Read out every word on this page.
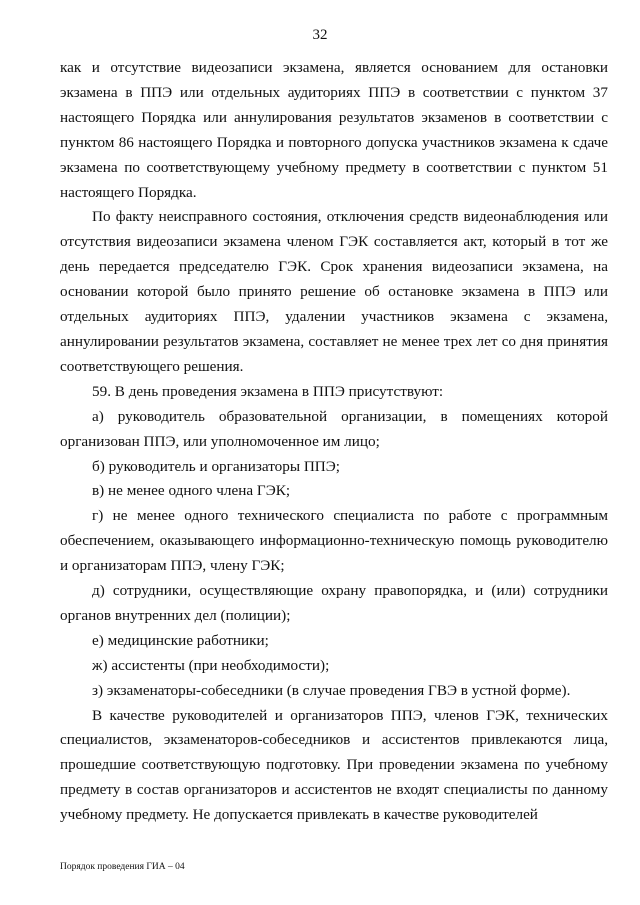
32

как и отсутствие видеозаписи экзамена, является основанием для остановки экзамена в ППЭ или отдельных аудиториях ППЭ в соответствии с пунктом 37 настоящего Порядка или аннулирования результатов экзаменов в соответствии с пунктом 86 настоящего Порядка и повторного допуска участников экзамена к сдаче экзамена по соответствующему учебному предмету в соответствии с пунктом 51 настоящего Порядка.

По факту неисправного состояния, отключения средств видеонаблюдения или отсутствия видеозаписи экзамена членом ГЭК составляется акт, который в тот же день передается председателю ГЭК. Срок хранения видеозаписи экзамена, на основании которой было принято решение об остановке экзамена в ППЭ или отдельных аудиториях ППЭ, удалении участников экзамена с экзамена, аннулировании результатов экзамена, составляет не менее трех лет со дня принятия соответствующего решения.

59. В день проведения экзамена в ППЭ присутствуют:

а) руководитель образовательной организации, в помещениях которой организован ППЭ, или уполномоченное им лицо;

б) руководитель и организаторы ППЭ;

в) не менее одного члена ГЭК;

г) не менее одного технического специалиста по работе с программным обеспечением, оказывающего информационно-техническую помощь руководителю и организаторам ППЭ, члену ГЭК;

д) сотрудники, осуществляющие охрану правопорядка, и (или) сотрудники органов внутренних дел (полиции);

е) медицинские работники;

ж) ассистенты (при необходимости);

з) экзаменаторы-собеседники (в случае проведения ГВЭ в устной форме).

В качестве руководителей и организаторов ППЭ, членов ГЭК, технических специалистов, экзаменаторов-собеседников и ассистентов привлекаются лица, прошедшие соответствующую подготовку. При проведении экзамена по учебному предмету в состав организаторов и ассистентов не входят специалисты по данному учебному предмету. Не допускается привлекать в качестве руководителей

Порядок проведения ГИА – 04
